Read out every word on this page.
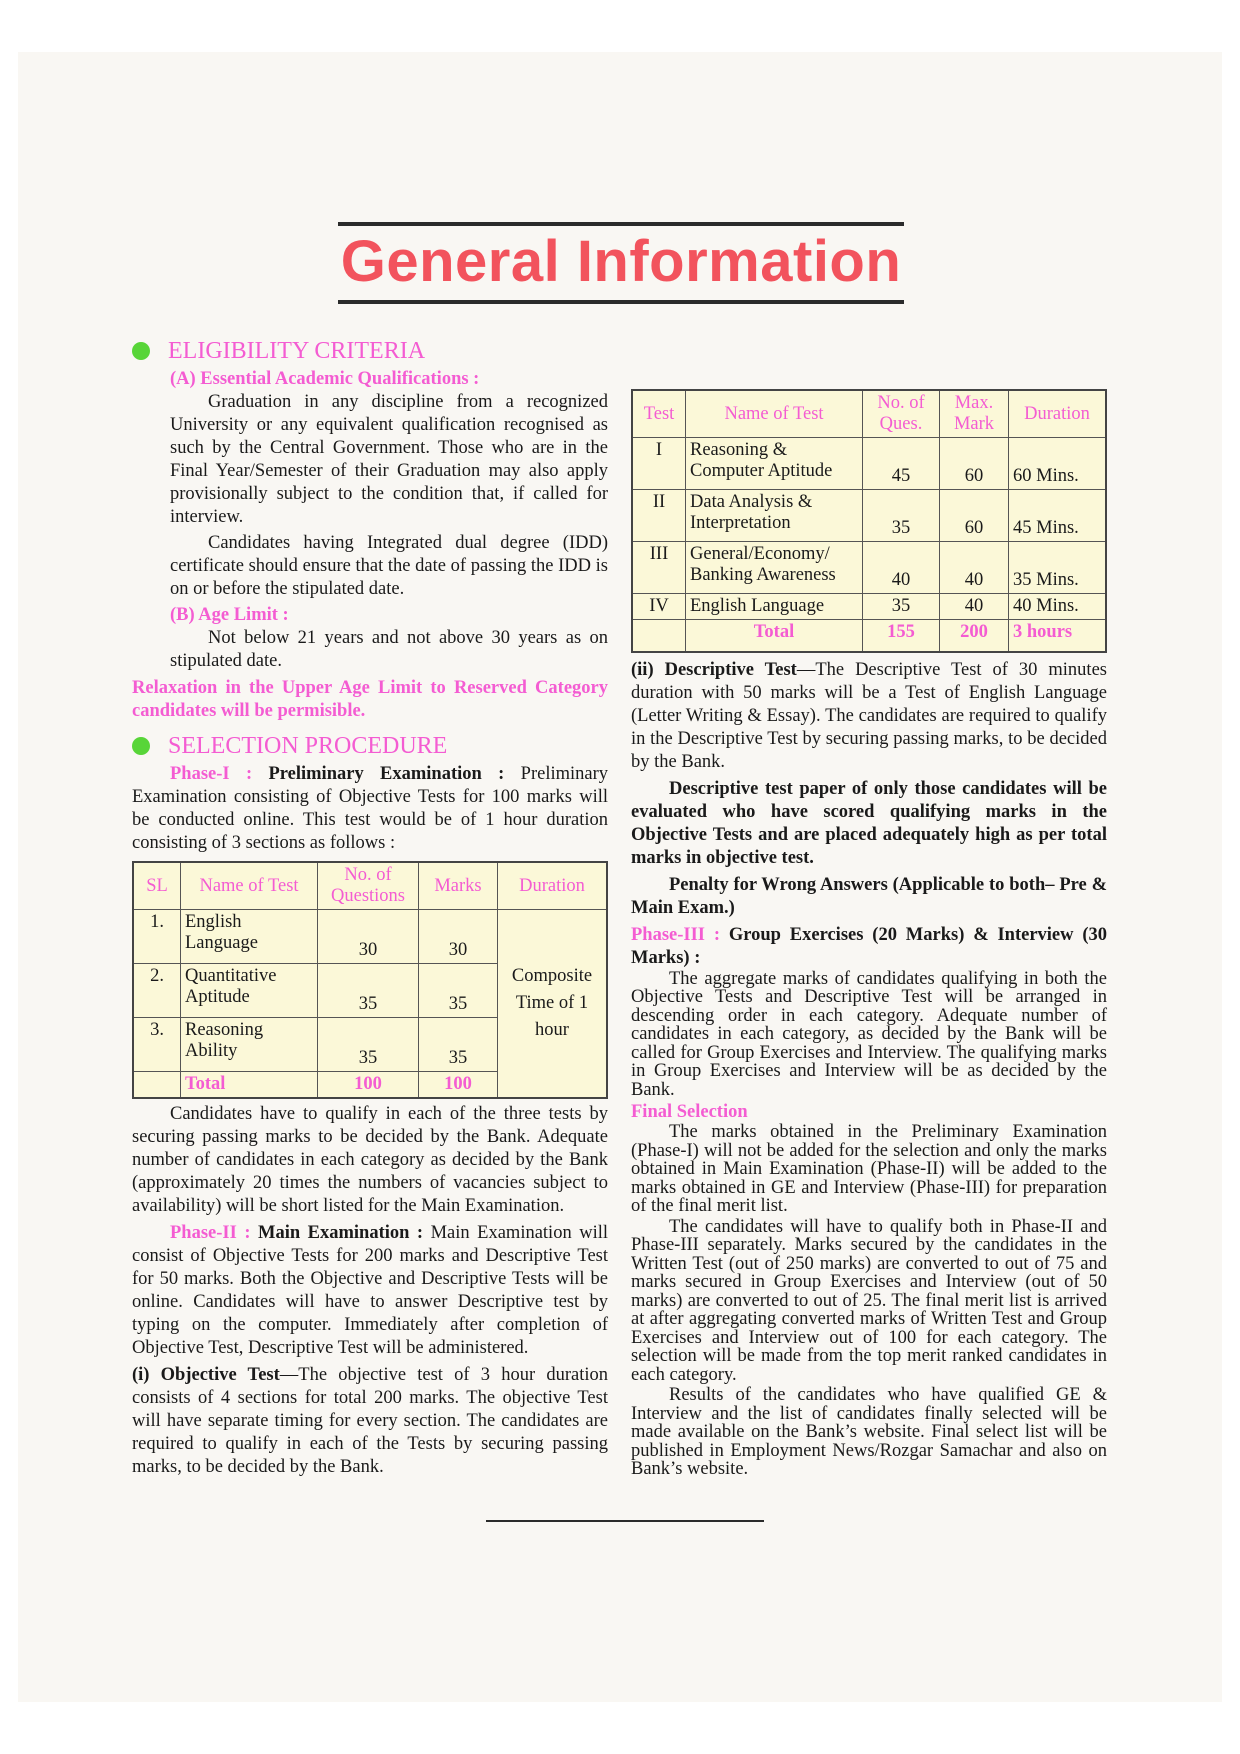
General Information
ELIGIBILITY CRITERIA
(A) Essential Academic Qualifications :

Graduation in any discipline from a recognized University or any equivalent qualification recognised as such by the Central Government. Those who are in the Final Year/Semester of their Graduation may also apply provisionally subject to the condition that, if called for interview.

Candidates having Integrated dual degree (IDD) certificate should ensure that the date of passing the IDD is on or before the stipulated date.

(B) Age Limit :

Not below 21 years and not above 30 years as on stipulated date.

Relaxation in the Upper Age Limit to Reserved Category candidates will be permisible.

SELECTION PROCEDURE

Phase-I : Preliminary Examination : Preliminary Examination consisting of Objective Tests for 100 marks will be conducted online. This test would be of 1 hour duration consisting of 3 sections as follows :

SL	Name of Test	No. of Questions	Marks	Duration
1.	English Language	30	30	Composite Time of 1 hour
2.	Quantitative Aptitude	35	35	
3.	Reasoning Ability	35	35	
	Total	100	100	

Candidates have to qualify in each of the three tests by securing passing marks to be decided by the Bank. Adequate number of candidates in each category as decided by the Bank (approximately 20 times the numbers of vacancies subject to availability) will be short listed for the Main Examination.

Phase-II : Main Examination : Main Examination will consist of Objective Tests for 200 marks and Descriptive Test for 50 marks. Both the Objective and Descriptive Tests will be online. Candidates will have to answer Descriptive test by typing on the computer. Immediately after completion of Objective Test, Descriptive Test will be administered.

(i) Objective Test—The objective test of 3 hour duration consists of 4 sections for total 200 marks. The objective Test will have separate timing for every section. The candidates are required to qualify in each of the Tests by securing passing marks, to be decided by the Bank.

Test	Name of Test	No. of Ques.	Max. Mark	Duration
I	Reasoning & Computer Aptitude	45	60	60 Mins.
II	Data Analysis & Interpretation	35	60	45 Mins.
III	General/Economy/ Banking Awareness	40	40	35 Mins.
IV	English Language	35	40	40 Mins.
	Total	155	200	3 hours

(ii) Descriptive Test—The Descriptive Test of 30 minutes duration with 50 marks will be a Test of English Language (Letter Writing & Essay). The candidates are required to qualify in the Descriptive Test by securing passing marks, to be decided by the Bank.

Descriptive test paper of only those candidates will be evaluated who have scored qualifying marks in the Objective Tests and are placed adequately high as per total marks in objective test.

Penalty for Wrong Answers (Applicable to both– Pre & Main Exam.)

Phase-III : Group Exercises (20 Marks) & Interview (30 Marks) :

The aggregate marks of candidates qualifying in both the Objective Tests and Descriptive Test will be arranged in descending order in each category. Adequate number of candidates in each category, as decided by the Bank will be called for Group Exercises and Interview. The qualifying marks in Group Exercises and Interview will be as decided by the Bank.

Final Selection

The marks obtained in the Preliminary Examination (Phase-I) will not be added for the selection and only the marks obtained in Main Examination (Phase-II) will be added to the marks obtained in GE and Interview (Phase-III) for preparation of the final merit list.

The candidates will have to qualify both in Phase-II and Phase-III separately. Marks secured by the candidates in the Written Test (out of 250 marks) are converted to out of 75 and marks secured in Group Exercises and Interview (out of 50 marks) are converted to out of 25. The final merit list is arrived at after aggregating converted marks of Written Test and Group Exercises and Interview out of 100 for each category. The selection will be made from the top merit ranked candidates in each category.

Results of the candidates who have qualified GE & Interview and the list of candidates finally selected will be made available on the Bank’s website. Final select list will be published in Employment News/Rozgar Samachar and also on Bank’s website.
